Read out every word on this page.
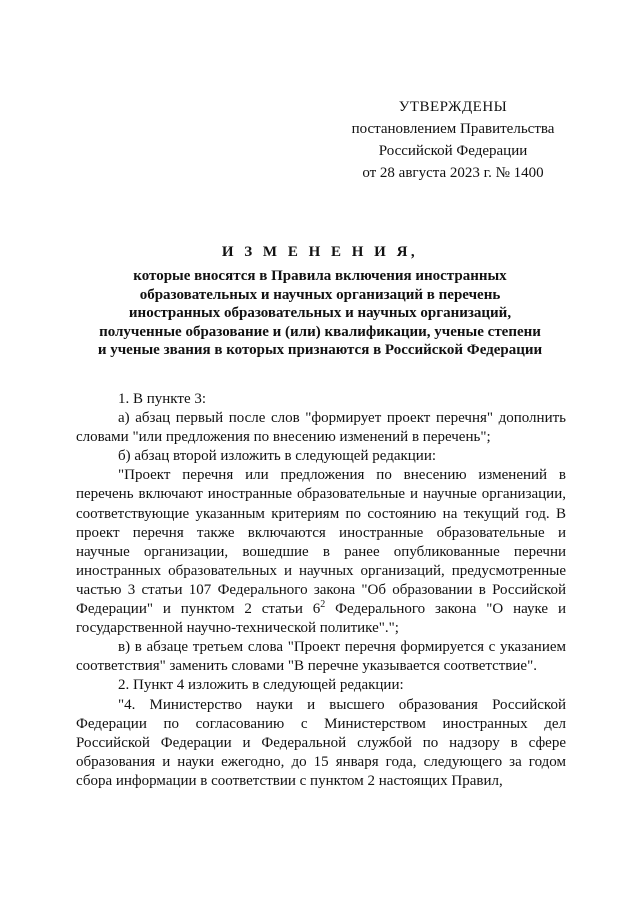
УТВЕРЖДЕНЫ
постановлением Правительства
Российской Федерации
от 28 августа 2023 г. № 1400
И З М Е Н Е Н И Я,
которые вносятся в Правила включения иностранных
образовательных и научных организаций в перечень
иностранных образовательных и научных организаций,
полученные образование и (или) квалификации, ученые степени
и ученые звания в которых признаются в Российской Федерации

1. В пункте 3:

а) абзац первый после слов "формирует проект перечня" дополнить словами "или предложения по внесению изменений в перечень";

б) абзац второй изложить в следующей редакции:

"Проект перечня или предложения по внесению изменений в перечень включают иностранные образовательные и научные организации, соответствующие указанным критериям по состоянию на текущий год. В проект перечня также включаются иностранные образовательные и научные организации, вошедшие в ранее опубликованные перечни иностранных образовательных и научных организаций, предусмотренные частью 3 статьи 107 Федерального закона "Об образовании в Российской Федерации" и пунктом 2 статьи $6^2$ Федерального закона "О науке и государственной научно-технической политике".";

в) в абзаце третьем слова "Проект перечня формируется с указанием соответствия" заменить словами "В перечне указывается соответствие".

2. Пункт 4 изложить в следующей редакции:

"4. Министерство науки и высшего образования Российской Федерации по согласованию с Министерством иностранных дел Российской Федерации и Федеральной службой по надзору в сфере образования и науки ежегодно, до 15 января года, следующего за годом сбора информации в соответствии с пунктом 2 настоящих Правил,
